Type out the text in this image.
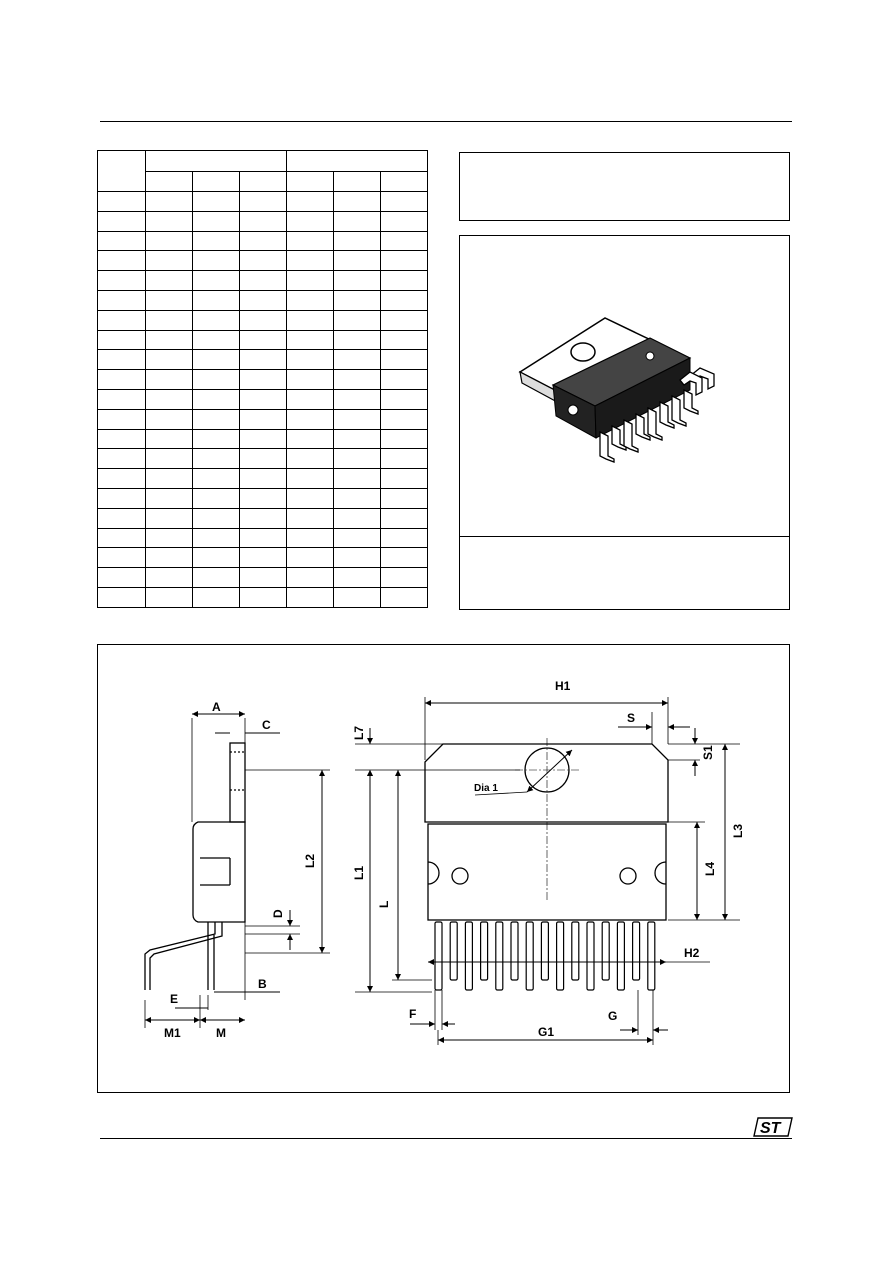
A
C
L2
D
B
E
M1	M
H1
S
S1
L7
L1
L
L3
L4
H2
F	G
G1
Dia 1
ST
